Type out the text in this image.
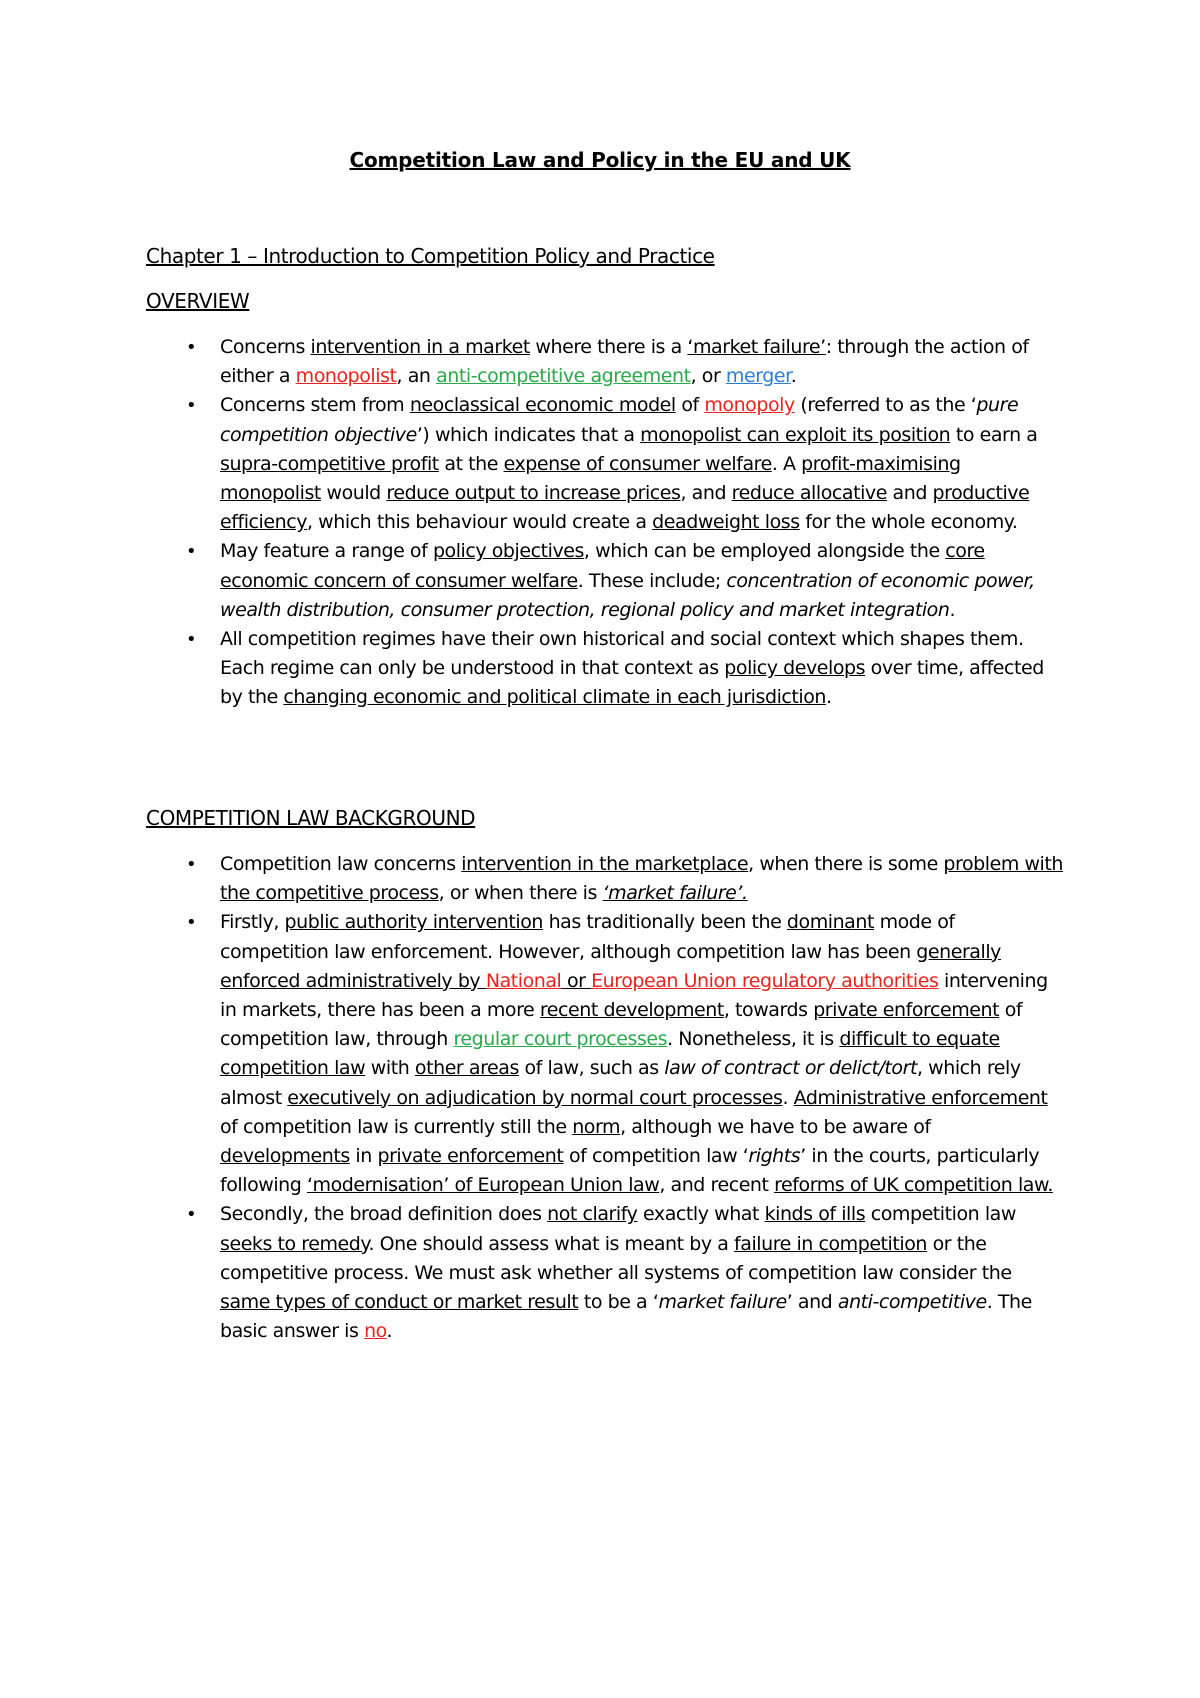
Competition Law and Policy in the EU and UK
Chapter 1 – Introduction to Competition Policy and Practice
OVERVIEW
• Concerns intervention in a market where there is a ‘market failure’: through the action of either a monopolist, an anti-competitive agreement, or merger.
• Concerns stem from neoclassical economic model of monopoly (referred to as the ‘pure competition objective’) which indicates that a monopolist can exploit its position to earn a supra-competitive profit at the expense of consumer welfare. A profit-maximising monopolist would reduce output to increase prices, and reduce allocative and productive efficiency, which this behaviour would create a deadweight loss for the whole economy.
• May feature a range of policy objectives, which can be employed alongside the core economic concern of consumer welfare. These include; concentration of economic power, wealth distribution, consumer protection, regional policy and market integration.
• All competition regimes have their own historical and social context which shapes them. Each regime can only be understood in that context as policy develops over time, affected by the changing economic and political climate in each jurisdiction.
COMPETITION LAW BACKGROUND
• Competition law concerns intervention in the marketplace, when there is some problem with the competitive process, or when there is ‘market failure’.
• Firstly, public authority intervention has traditionally been the dominant mode of competition law enforcement. However, although competition law has been generally enforced administratively by National or European Union regulatory authorities intervening in markets, there has been a more recent development, towards private enforcement of competition law, through regular court processes. Nonetheless, it is difficult to equate competition law with other areas of law, such as law of contract or delict/tort, which rely almost executively on adjudication by normal court processes. Administrative enforcement of competition law is currently still the norm, although we have to be aware of developments in private enforcement of competition law ‘rights’ in the courts, particularly following ‘modernisation’ of European Union law, and recent reforms of UK competition law.
• Secondly, the broad definition does not clarify exactly what kinds of ills competition law seeks to remedy. One should assess what is meant by a failure in competition or the competitive process. We must ask whether all systems of competition law consider the same types of conduct or market result to be a ‘market failure’ and anti-competitive. The basic answer is no.
